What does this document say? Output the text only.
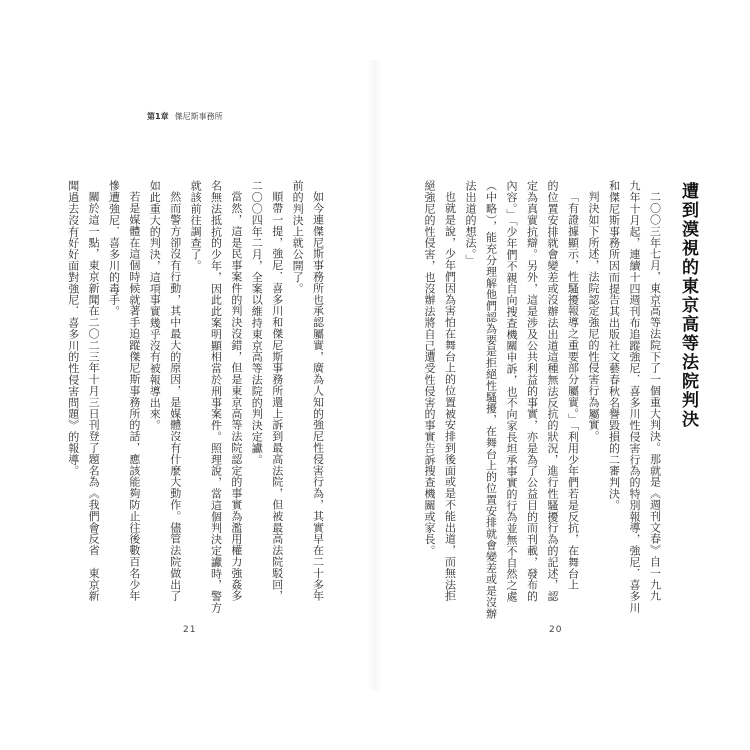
第1章 傑尼斯事務所
如今連傑尼斯事務所也承認屬實，廣為人知的強尼性侵害行為，其實早在二十多年
前的判決上就公開了。
順帶一提，強尼．喜多川和傑尼斯事務所還上訴到最高法院，但被最高法院駁回，
二〇〇四年二月，全案以維持東京高等法院的判決定讞。
當然，這是民事案件的判決沒錯，但是東京高等法院認定的事實為濫用權力強姦多
名無法抵抗的少年，因此此案明顯相當於刑事案件。照理說，當這個判決定讞時，警方
就該前往調查了。
然而警方卻沒有行動，其中最大的原因，是媒體沒有什麼大動作。儘管法院做出了
如此重大的判決，這項事實幾乎沒有被報導出來。
若是媒體在這個時候就著手追蹤傑尼斯事務所的話，應該能夠防止往後數百名少年
慘遭強尼．喜多川的毒手。
關於這一點，東京新聞在二〇二三年十月三日刊登了題名為《我們會反省　東京新
聞過去沒有好好面對強尼．喜多川的性侵害問題》的報導。
21
遭到漠視的東京高等法院判決
二〇〇三年七月，東京高等法院下了一個重大判決。那就是《週刊文春》自一九九
九年十月起，連續十四週刊布追蹤強尼．喜多川性侵害行為的特別報導，強尼．喜多川
和傑尼斯事務所因而提告其出版社文藝春秋名譽毀損的二審判決。
判決如下所述，法院認定強尼的性侵害行為屬實。
「有證據顯示，性騷擾報導之重要部分屬實。」「利用少年們若是反抗，在舞台上
的位置安排就會變差或沒辦法出道這種無法反抗的狀況，進行性騷擾行為的記述，認
定為真實抗辯。另外，這是涉及公共利益的事實，亦是為了公益目的而刊載，發布的
內容。」「少年們不親自向搜查機關申訴，也不向家長坦承事實的行為並無不自然之處
（中略），能充分理解他們認為要是拒絕性騷擾，在舞台上的位置安排就會變差或是沒辦
法出道的想法。」
也就是說，少年們因為害怕在舞台上的位置被安排到後面或是不能出道，而無法拒
絕強尼的性侵害，也沒辦法將自己遭受性侵害的事實告訴搜查機關或家長。
20
